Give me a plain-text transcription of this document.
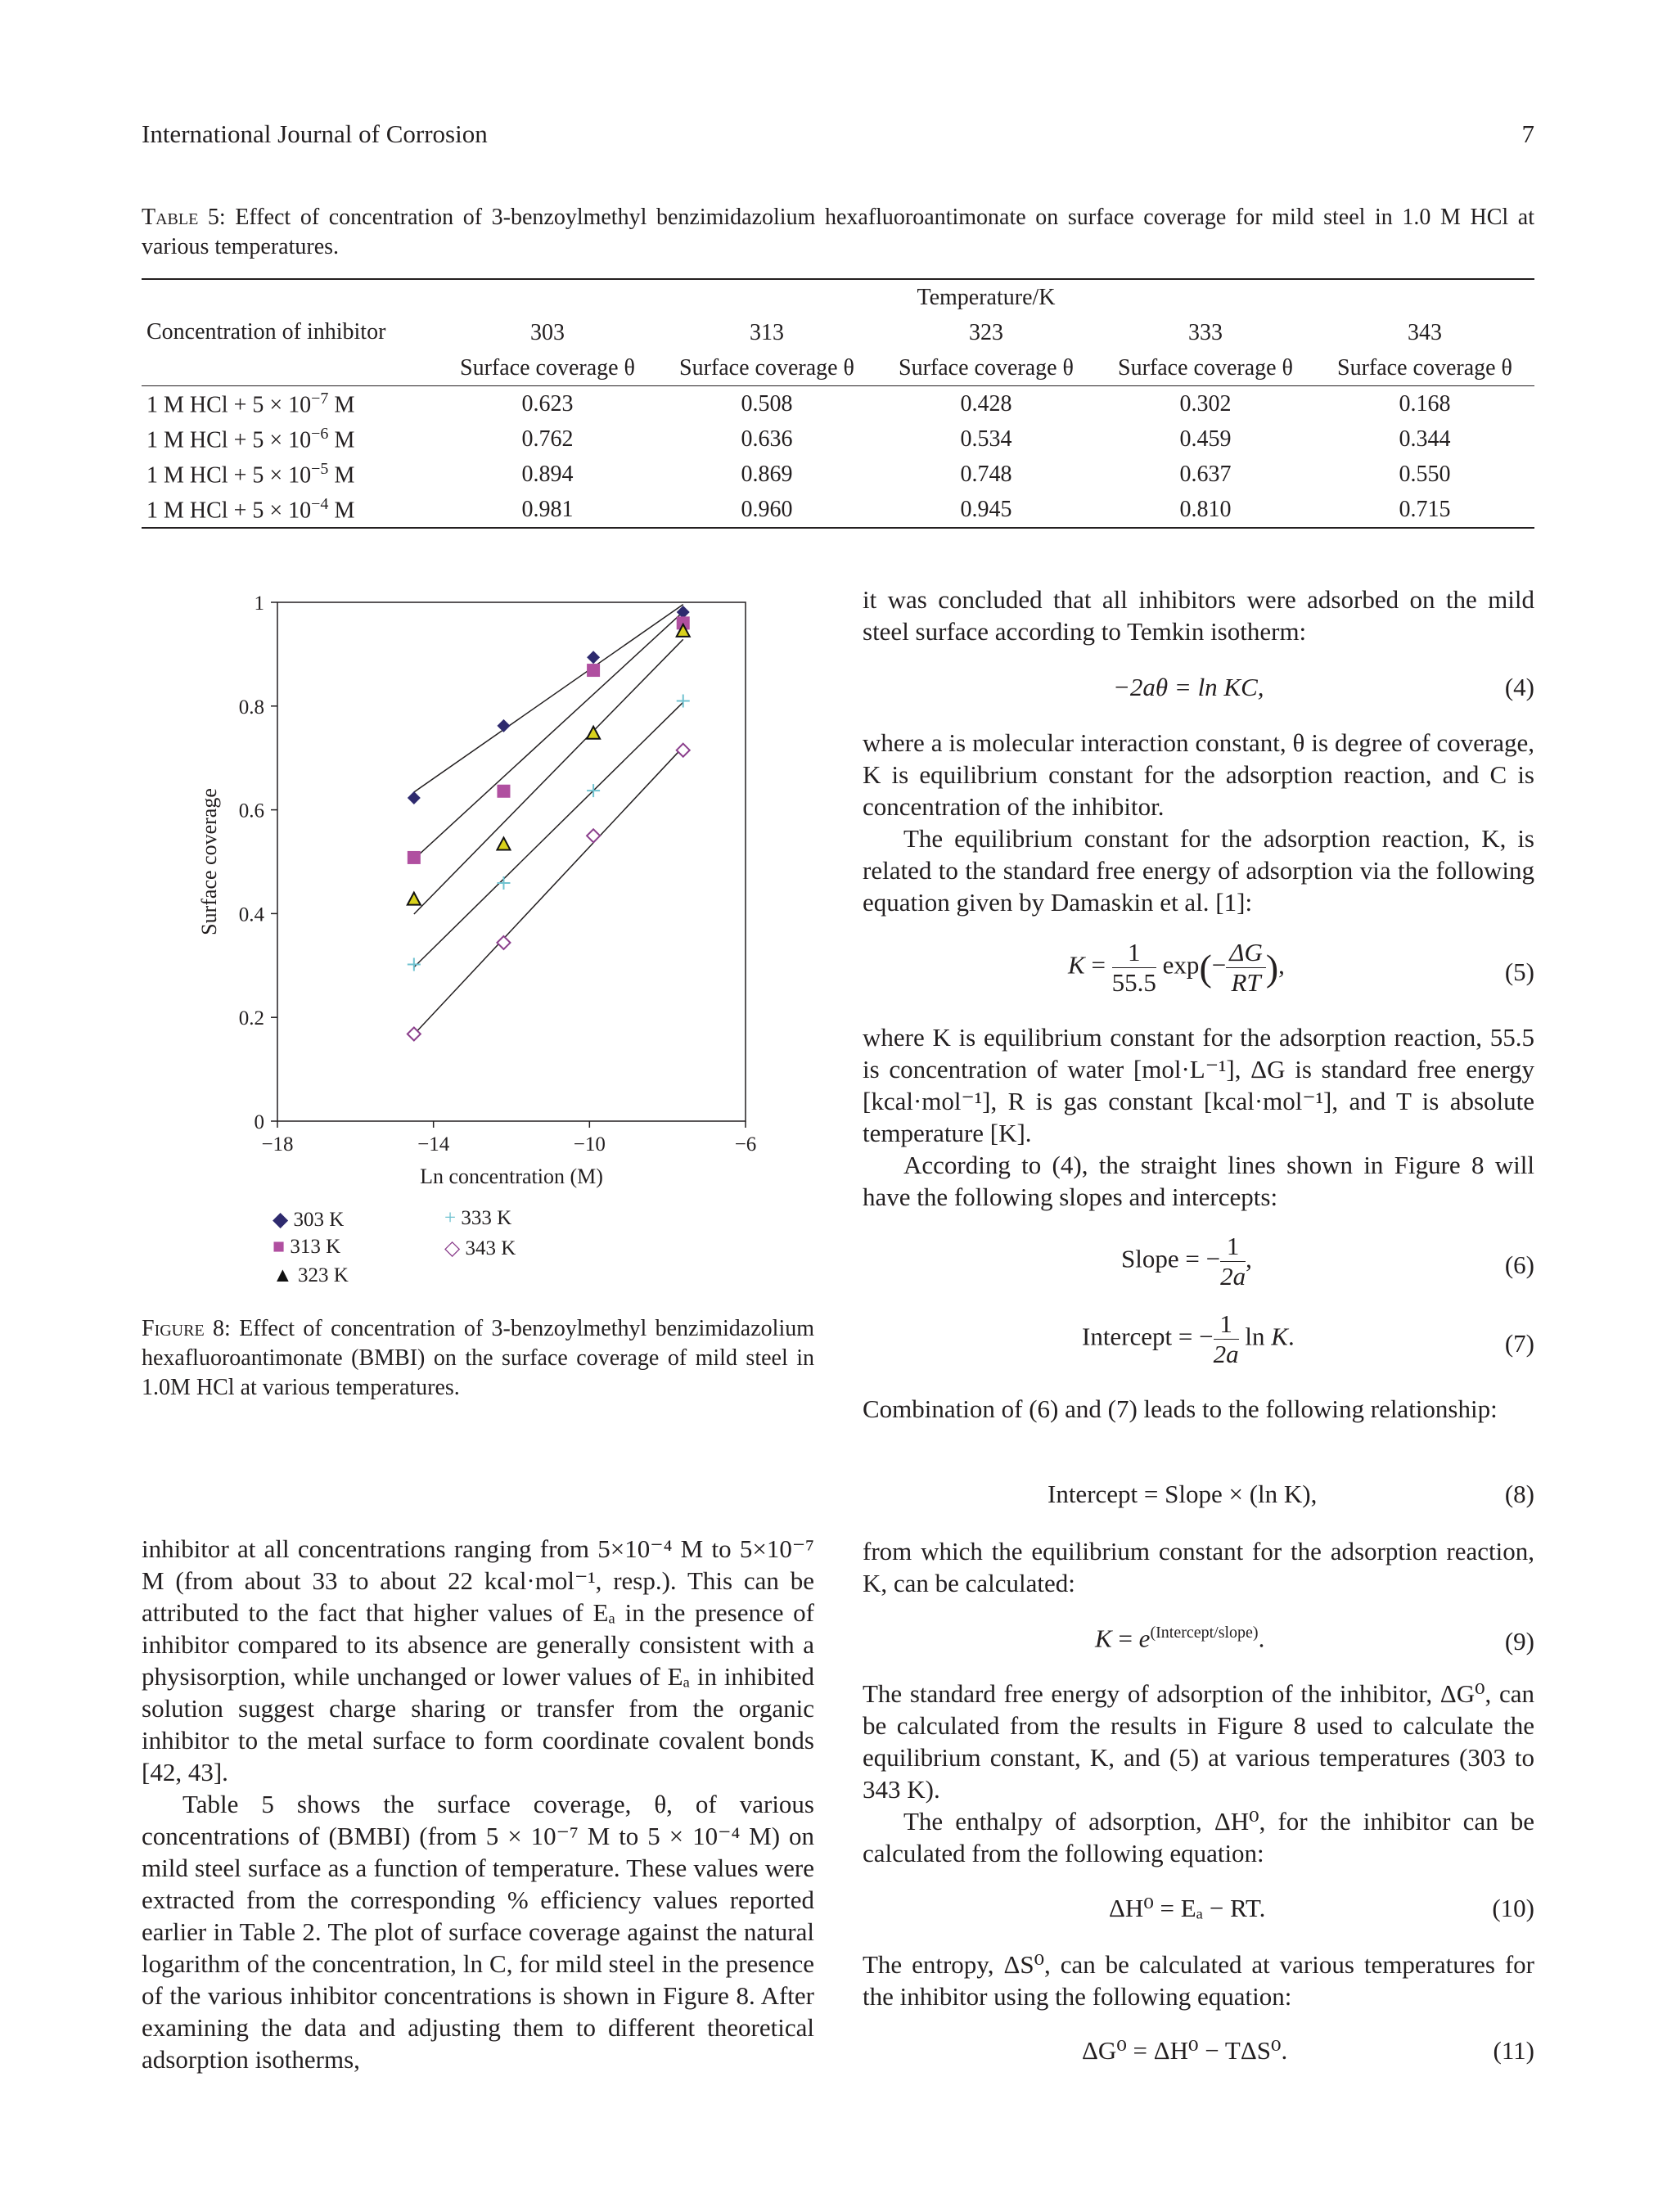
International Journal of Corrosion	7
Table 5: Effect of concentration of 3-benzoylmethyl benzimidazolium hexafluoroantimonate on surface coverage for mild steel in 1.0 M HCl at various temperatures.
Concentration of inhibitor	Temperature/K				
	303	313	323	333	343
	Surface coverage θ	Surface coverage θ	Surface coverage θ	Surface coverage θ	Surface coverage θ
1 M HCl + $5 \times 10^{-7}$ M	0.623	0.508	0.428	0.302	0.168
1 M HCl + $5 \times 10^{-6}$ M	0.762	0.636	0.534	0.459	0.344
1 M HCl + $5 \times 10^{-5}$ M	0.894	0.869	0.748	0.637	0.550
1 M HCl + $5 \times 10^{-4}$ M	0.981	0.960	0.945	0.810	0.715
−18	−14	−10	−6
0
0.2
0.4
0.6
0.8
1
Ln concentration (M)
Surface coverage
◆ 303 K
■ 313 K
▲ 323 K
+ 333 K
◇ 343 K
Figure 8: Effect of concentration of 3-benzoylmethyl benzimidazolium hexafluoroantimonate (BMBI) on the surface coverage of mild steel in 1.0M HCl at various temperatures.

inhibitor at all concentrations ranging from 5×10⁻⁴ M to 5×10⁻⁷ M (from about 33 to about 22 kcal·mol⁻¹, resp.). This can be attributed to the fact that higher values of Eₐ in the presence of inhibitor compared to its absence are generally consistent with a physisorption, while unchanged or lower values of Eₐ in inhibited solution suggest charge sharing or transfer from the organic inhibitor to the metal surface to form coordinate covalent bonds [42, 43].

Table 5 shows the surface coverage, θ, of various concentrations of (BMBI) (from 5 × 10⁻⁷ M to 5 × 10⁻⁴ M) on mild steel surface as a function of temperature. These values were extracted from the corresponding % efficiency values reported earlier in Table 2. The plot of surface coverage against the natural logarithm of the concentration, ln C, for mild steel in the presence of the various inhibitor concentrations is shown in Figure 8. After examining the data and adjusting them to different theoretical adsorption isotherms,

it was concluded that all inhibitors were adsorbed on the mild steel surface according to Temkin isotherm:

−2aθ = ln KC,	(4)

where a is molecular interaction constant, θ is degree of coverage, K is equilibrium constant for the adsorption reaction, and C is concentration of the inhibitor.

The equilibrium constant for the adsorption reaction, K, is related to the standard free energy of adsorption via the following equation given by Damaskin et al. [1]:

$K = \frac{1}{55.5} \exp(- \frac{\Delta G}{RT}$ ),	(5)

where K is equilibrium constant for the adsorption reaction, 55.5 is concentration of water [mol·L⁻¹], ΔG is standard free energy [kcal·mol⁻¹], R is gas constant [kcal·mol⁻¹], and T is absolute temperature [K].

According to (4), the straight lines shown in Figure 8 will have the following slopes and intercepts:

Slope = − $\frac{1}{2a}$ ,	(6)
Intercept = − $\frac{1}{2a}$ ln K.	(7)

Combination of (6) and (7) leads to the following relationship:

Intercept = Slope × (ln K),	(8)

from which the equilibrium constant for the adsorption reaction, K, can be calculated:

$K = e^{(Intercept/slope)}$.	(9)

The standard free energy of adsorption of the inhibitor, ΔG⁰, can be calculated from the results in Figure 8 used to calculate the equilibrium constant, K, and (5) at various temperatures (303 to 343 K).

The enthalpy of adsorption, ΔH⁰, for the inhibitor can be calculated from the following equation:

ΔH⁰ = Eₐ − RT.	(10)

The entropy, ΔS⁰, can be calculated at various temperatures for the inhibitor using the following equation:

ΔG⁰ = ΔH⁰ − TΔS⁰.	(11)
